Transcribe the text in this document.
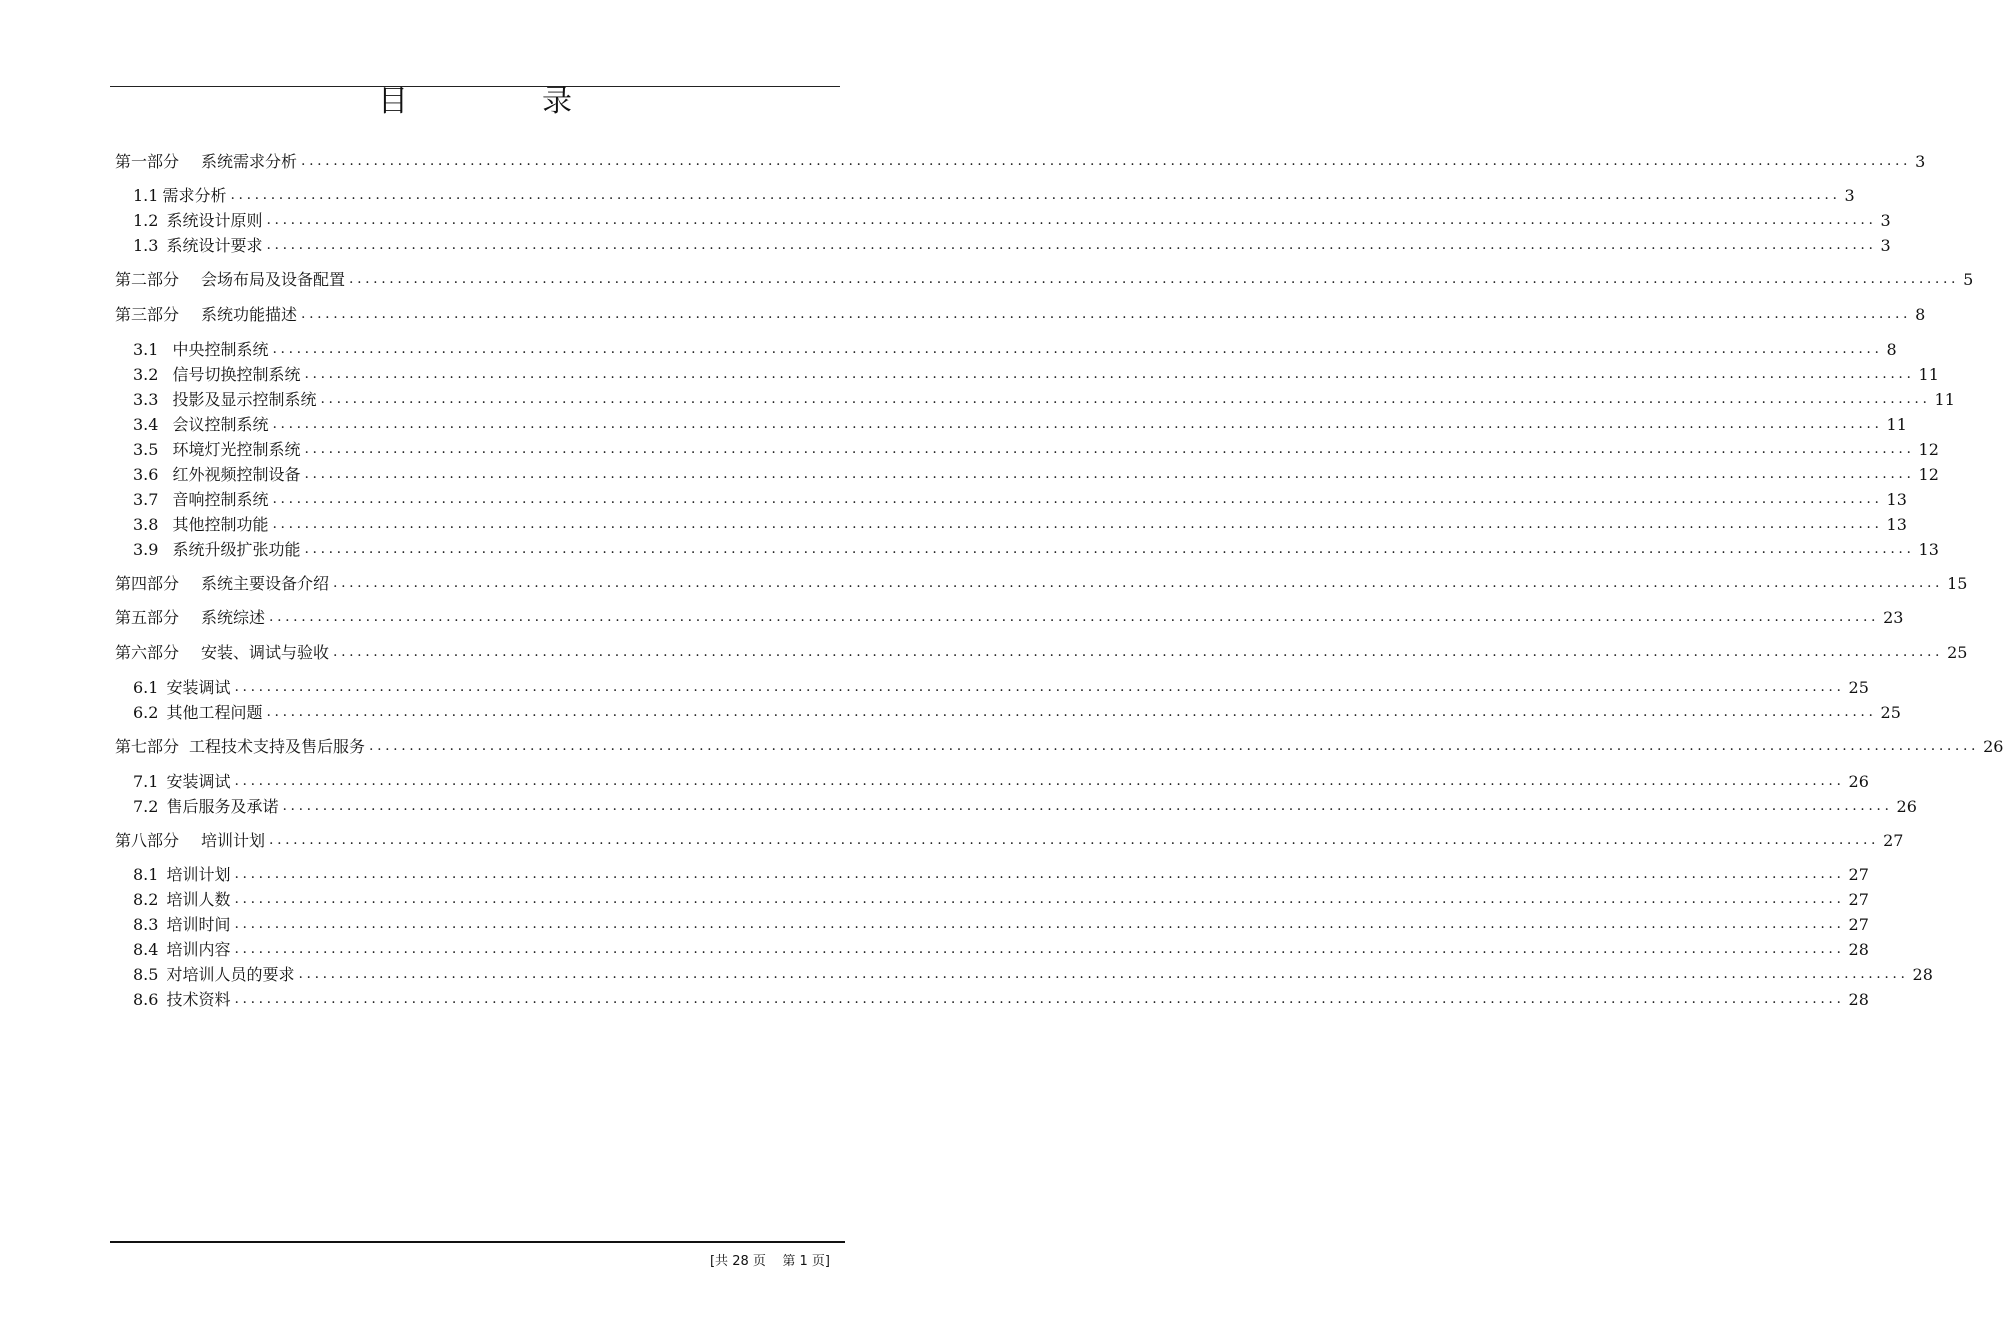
目　录
第一部分 系统需求分析 ........................................................................................................................................................................................................ 3
1.1 需求分析 ........................................................................................................................................................................................................ 3
1.2 系统设计原则 ........................................................................................................................................................................................................ 3
1.3 系统设计要求 ........................................................................................................................................................................................................ 3
第二部分 会场布局及设备配置 ........................................................................................................................................................................................................ 5
第三部分 系统功能描述 ........................................................................................................................................................................................................ 8
3.1 中央控制系统 ........................................................................................................................................................................................................ 8
3.2 信号切换控制系统 ........................................................................................................................................................................................................ 11
3.3 投影及显示控制系统 ........................................................................................................................................................................................................ 11
3.4 会议控制系统 ........................................................................................................................................................................................................ 11
3.5 环境灯光控制系统 ........................................................................................................................................................................................................ 12
3.6 红外视频控制设备 ........................................................................................................................................................................................................ 12
3.7 音响控制系统 ........................................................................................................................................................................................................ 13
3.8 其他控制功能 ........................................................................................................................................................................................................ 13
3.9 系统升级扩张功能 ........................................................................................................................................................................................................ 13
第四部分 系统主要设备介绍 ........................................................................................................................................................................................................ 15
第五部分 系统综述 ........................................................................................................................................................................................................ 23
第六部分 安装、调试与验收 ........................................................................................................................................................................................................ 25
6.1 安装调试 ........................................................................................................................................................................................................ 25
6.2 其他工程问题 ........................................................................................................................................................................................................ 25
第七部分 工程技术支持及售后服务 ........................................................................................................................................................................................................ 26
7.1 安装调试 ........................................................................................................................................................................................................ 26
7.2 售后服务及承诺 ........................................................................................................................................................................................................ 26
第八部分 培训计划 ........................................................................................................................................................................................................ 27
8.1 培训计划 ........................................................................................................................................................................................................ 27
8.2 培训人数 ........................................................................................................................................................................................................ 27
8.3 培训时间 ........................................................................................................................................................................................................ 27
8.4 培训内容 ........................................................................................................................................................................................................ 28
8.5 对培训人员的要求 ........................................................................................................................................................................................................ 28
8.6 技术资料 ........................................................................................................................................................................................................ 28
[共 28 页    第 1 页]
